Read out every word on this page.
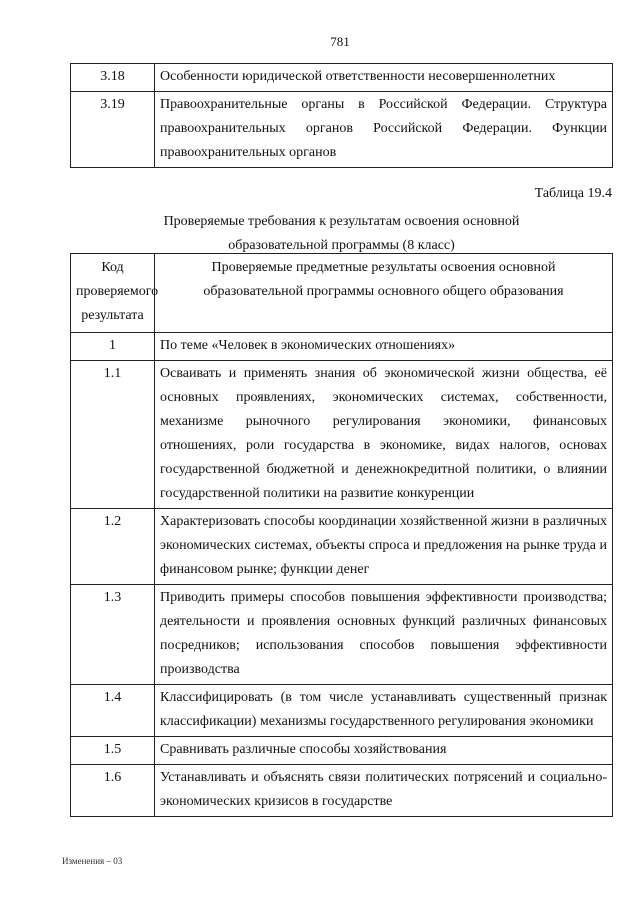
781
3.18	Особенности юридической ответственности несовершеннолетних
3.19	Правоохранительные органы в Российской Федерации. Структура правоохранительных органов Российской Федерации. Функции правоохранительных органов
Таблица 19.4
Проверяемые требования к результатам освоения основной
образовательной программы (8 класс)
Код проверяемого результата	Проверяемые предметные результаты освоения основной образовательной программы основного общего образования
1	По теме «Человек в экономических отношениях»
1.1	Осваивать и применять знания об экономической жизни общества, её основных проявлениях, экономических системах, собственности, механизме рыночного регулирования экономики, финансовых отношениях, роли государства в экономике, видах налогов, основах государственной бюджетной и денежнокредитной политики, о влиянии государственной политики на развитие конкуренции
1.2	Характеризовать способы координации хозяйственной жизни в различных экономических системах, объекты спроса и предложения на рынке труда и финансовом рынке; функции денег
1.3	Приводить примеры способов повышения эффективности производства; деятельности и проявления основных функций различных финансовых посредников; использования способов повышения эффективности производства
1.4	Классифицировать (в том числе устанавливать существенный признак классификации) механизмы государственного регулирования экономики
1.5	Сравнивать различные способы хозяйствования
1.6	Устанавливать и объяснять связи политических потрясений и социально-экономических кризисов в государстве
Изменения – 03
